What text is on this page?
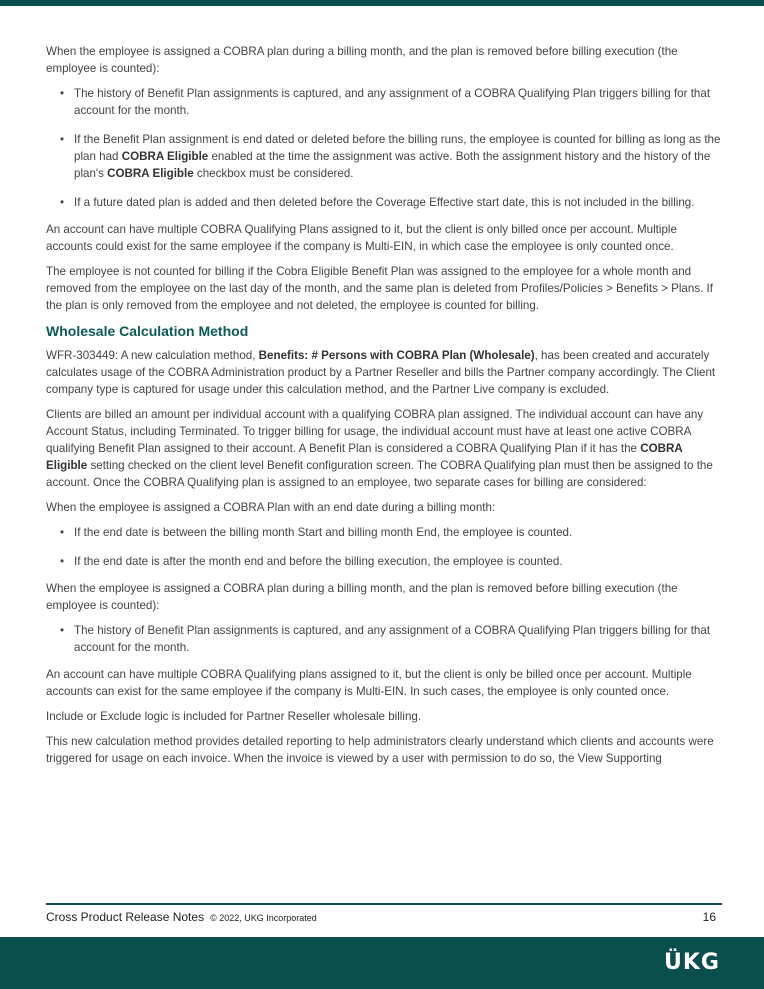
When the employee is assigned a COBRA plan during a billing month, and the plan is removed before billing execution (the employee is counted):

• The history of Benefit Plan assignments is captured, and any assignment of a COBRA Qualifying Plan triggers billing for that account for the month.
• If the Benefit Plan assignment is end dated or deleted before the billing runs, the employee is counted for billing as long as the plan had COBRA Eligible enabled at the time the assignment was active. Both the assignment history and the history of the plan's COBRA Eligible checkbox must be considered.
• If a future dated plan is added and then deleted before the Coverage Effective start date, this is not included in the billing.

An account can have multiple COBRA Qualifying Plans assigned to it, but the client is only billed once per account. Multiple accounts could exist for the same employee if the company is Multi-EIN, in which case the employee is only counted once.

The employee is not counted for billing if the Cobra Eligible Benefit Plan was assigned to the employee for a whole month and removed from the employee on the last day of the month, and the same plan is deleted from Profiles/Policies > Benefits > Plans. If the plan is only removed from the employee and not deleted, the employee is counted for billing.

Wholesale Calculation Method

WFR-303449: A new calculation method, Benefits: # Persons with COBRA Plan (Wholesale), has been created and accurately calculates usage of the COBRA Administration product by a Partner Reseller and bills the Partner company accordingly. The Client company type is captured for usage under this calculation method, and the Partner Live company is excluded.

Clients are billed an amount per individual account with a qualifying COBRA plan assigned. The individual account can have any Account Status, including Terminated. To trigger billing for usage, the individual account must have at least one active COBRA qualifying Benefit Plan assigned to their account. A Benefit Plan is considered a COBRA Qualifying Plan if it has the COBRA Eligible setting checked on the client level Benefit configuration screen. The COBRA Qualifying plan must then be assigned to the account. Once the COBRA Qualifying plan is assigned to an employee, two separate cases for billing are considered:

When the employee is assigned a COBRA Plan with an end date during a billing month:

• If the end date is between the billing month Start and billing month End, the employee is counted.
• If the end date is after the month end and before the billing execution, the employee is counted.

When the employee is assigned a COBRA plan during a billing month, and the plan is removed before billing execution (the employee is counted):

• The history of Benefit Plan assignments is captured, and any assignment of a COBRA Qualifying Plan triggers billing for that account for the month.

An account can have multiple COBRA Qualifying plans assigned to it, but the client is only be billed once per account. Multiple accounts can exist for the same employee if the company is Multi-EIN. In such cases, the employee is only counted once.

Include or Exclude logic is included for Partner Reseller wholesale billing.

This new calculation method provides detailed reporting to help administrators clearly understand which clients and accounts were triggered for usage on each invoice. When the invoice is viewed by a user with permission to do so, the View Supporting

Cross Product Release Notes © 2022, UKG Incorporated	16
ÜKG
